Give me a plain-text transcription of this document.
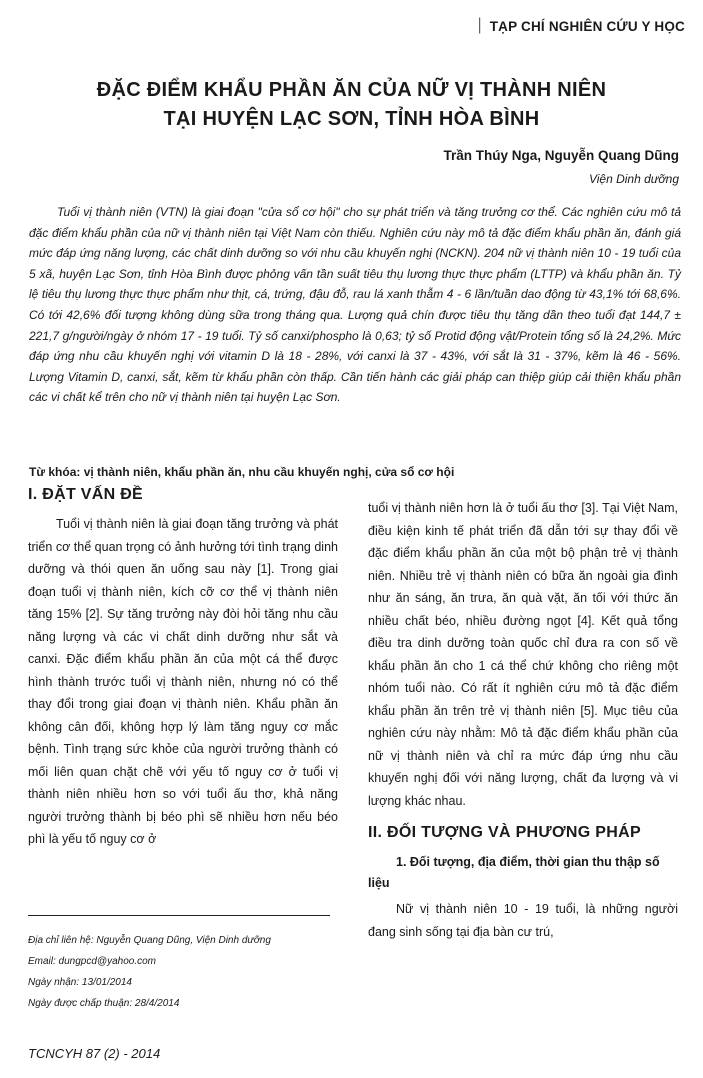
׀ TẠP CHÍ NGHIÊN CỨU Y HỌC
ĐẶC ĐIỂM KHẨU PHẦN ĂN CỦA NỮ VỊ THÀNH NIÊN
TẠI HUYỆN LẠC SƠN, TỈNH HÒA BÌNH
Trần Thúy Nga, Nguyễn Quang Dũng
Viện Dinh dưỡng

Tuổi vị thành niên (VTN) là giai đoạn "cửa sổ cơ hội" cho sự phát triển và tăng trưởng cơ thể. Các nghiên cứu mô tả đặc điểm khẩu phần của nữ vị thành niên tại Việt Nam còn thiếu. Nghiên cứu này mô tả đặc điểm khẩu phần ăn, đánh giá mức đáp ứng năng lượng, các chất dinh dưỡng so với nhu cầu khuyến nghị (NCKN). 204 nữ vị thành niên 10 - 19 tuổi của 5 xã, huyện Lạc Sơn, tỉnh Hòa Bình được phỏng vấn tần suất tiêu thụ lương thực thực phẩm (LTTP) và khẩu phần ăn. Tỷ lệ tiêu thụ lương thực thực phẩm như thịt, cá, trứng, đậu đỗ, rau lá xanh thẫm 4 - 6 lần/tuần dao động từ 43,1% tới 68,6%. Có tới 42,6% đối tượng không dùng sữa trong tháng qua. Lượng quả chín được tiêu thụ tăng dần theo tuổi đạt 144,7 ± 221,7 g/người/ngày ở nhóm 17 - 19 tuổi. Tỷ số canxi/phospho là 0,63; tỷ số Protid động vật/Protein tổng số là 24,2%. Mức đáp ứng nhu cầu khuyến nghị với vitamin D là 18 - 28%, với canxi là 37 - 43%, với sắt là 31 - 37%, kẽm là 46 - 56%. Lượng Vitamin D, canxi, sắt, kẽm từ khẩu phần còn thấp. Cần tiến hành các giải pháp can thiệp giúp cải thiện khẩu phần các vi chất kể trên cho nữ vị thành niên tại huyện Lạc Sơn.

Từ khóa: vị thành niên, khẩu phần ăn, nhu cầu khuyến nghị, cửa sổ cơ hội

I. ĐẶT VẤN ĐỀ

Tuổi vị thành niên là giai đoạn tăng trưởng và phát triển cơ thể quan trọng có ảnh hưởng tới tình trạng dinh dưỡng và thói quen ăn uống sau này [1]. Trong giai đoạn tuổi vị thành niên, kích cỡ cơ thể vị thành niên tăng 15% [2]. Sự tăng trưởng này đòi hỏi tăng nhu cầu năng lượng và các vi chất dinh dưỡng như sắt và canxi. Đặc điểm khẩu phần ăn của một cá thể được hình thành trước tuổi vị thành niên, nhưng nó có thể thay đổi trong giai đoạn vị thành niên. Khẩu phần ăn không cân đối, không hợp lý làm tăng nguy cơ mắc bệnh. Tình trạng sức khỏe của người trưởng thành có mối liên quan chặt chẽ với yếu tố nguy cơ ở tuổi vị thành niên nhiều hơn so với tuổi ấu thơ, khả năng người trưởng thành bị béo phì sẽ nhiều hơn nếu béo phì là yếu tố nguy cơ ở

tuổi vị thành niên hơn là ở tuổi ấu thơ [3]. Tại Việt Nam, điều kiện kinh tế phát triển đã dẫn tới sự thay đổi về đặc điểm khẩu phần ăn của một bộ phận trẻ vị thành niên. Nhiều trẻ vị thành niên có bữa ăn ngoài gia đình như ăn sáng, ăn trưa, ăn quà vặt, ăn tối với thức ăn nhiều chất béo, nhiều đường ngọt [4]. Kết quả tổng điều tra dinh dưỡng toàn quốc chỉ đưa ra con số về khẩu phần ăn cho 1 cá thể chứ không cho riêng một nhóm tuổi nào. Có rất ít nghiên cứu mô tả đặc điểm khẩu phần ăn trên trẻ vị thành niên [5]. Mục tiêu của nghiên cứu này nhằm: Mô tả đặc điểm khẩu phần của nữ vị thành niên và chỉ ra mức đáp ứng nhu cầu khuyến nghị đối với năng lượng, chất đa lượng và vi lượng khác nhau.

II. ĐỐI TƯỢNG VÀ PHƯƠNG PHÁP

1. Đối tượng, địa điểm, thời gian thu thập số liệu

Nữ vị thành niên 10 - 19 tuổi, là những người đang sinh sống tại địa bàn cư trú,

Địa chỉ liên hệ: Nguyễn Quang Dũng, Viện Dinh dưỡng
Email: dungpcd@yahoo.com
Ngày nhận: 13/01/2014
Ngày được chấp thuận: 28/4/2014
TCNCYH 87 (2) - 2014
